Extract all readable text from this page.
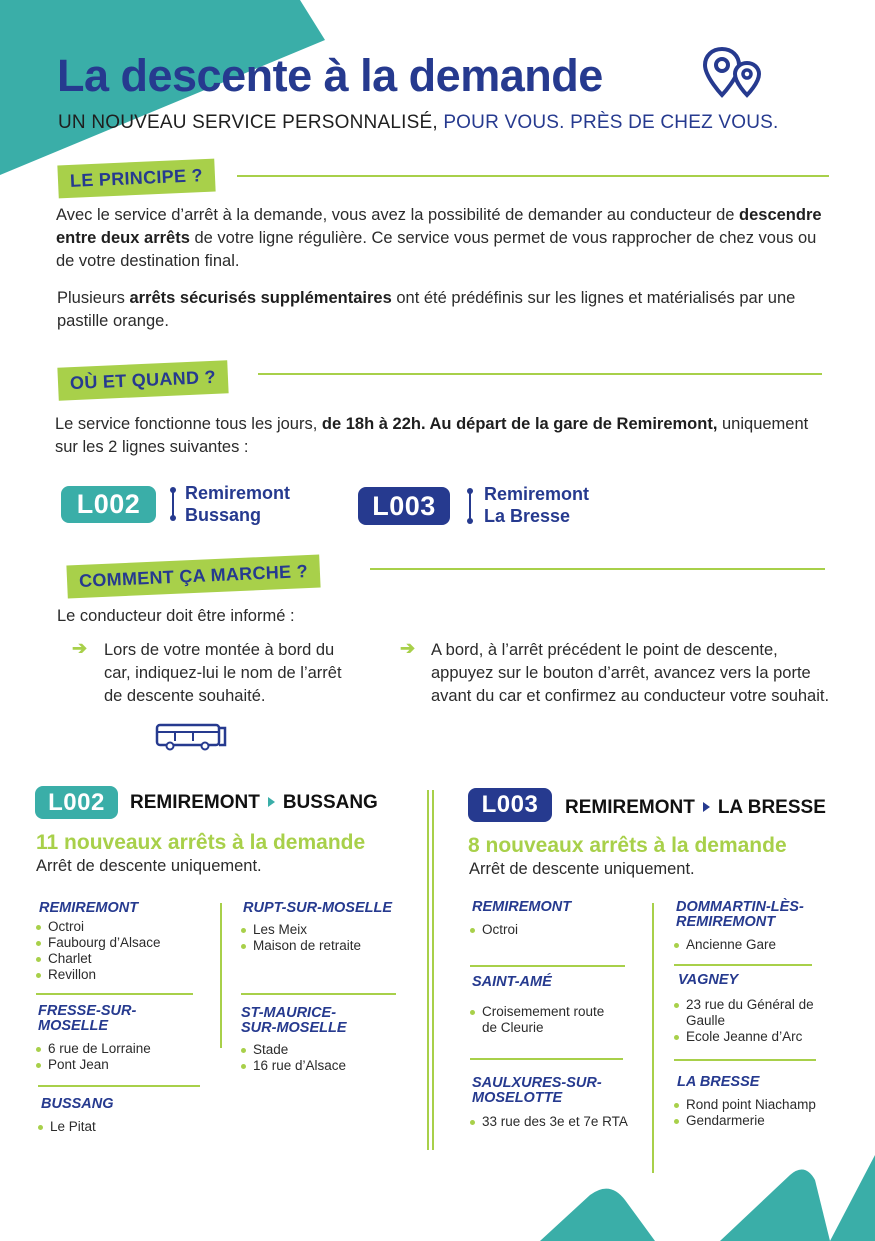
La descente à la demande
UN NOUVEAU SERVICE PERSONNALISÉ, POUR VOUS. PRÈS DE CHEZ VOUS.
LE PRINCIPE ?
Avec le service d’arrêt à la demande, vous avez la possibilité de demander au conducteur de descendre entre deux arrêts de votre ligne régulière. Ce service vous permet de vous rapprocher de chez vous ou de votre destination final.
Plusieurs arrêts sécurisés supplémentaires ont été prédéfinis sur les lignes et matérialisés par une pastille orange.
OÙ ET QUAND ?
Le service fonctionne tous les jours, de 18h à 22h. Au départ de la gare de Remiremont, uniquement sur les 2 lignes suivantes :
L002	Remiremont
Bussang	L003	Remiremont
La Bresse
COMMENT ÇA MARCHE ?
Le conducteur doit être informé :
➔ Lors de votre montée à bord du car, indiquez-lui le nom de l’arrêt de descente souhaité.
➔ A bord, à l’arrêt précédent le point de descente, appuyez sur le bouton d’arrêt, avancez vers la porte avant du car et confirmez au conducteur votre souhait.
L002	REMIREMONT BUSSANG
11 nouveaux arrêts à la demande
Arrêt de descente uniquement.
REMIREMONT
Octroi
Faubourg d’Alsace
Charlet
Revillon
FRESSE-SUR-MOSELLE
6 rue de Lorraine
Pont Jean
BUSSANG
Le Pitat
RUPT-SUR-MOSELLE
Les Meix
Maison de retraite
ST-MAURICE-SUR-MOSELLE
Stade
16 rue d’Alsace
L003	REMIREMONT LA BRESSE
8 nouveaux arrêts à la demande
Arrêt de descente uniquement.
REMIREMONT
Octroi
SAINT-AMÉ
Croisemement route de Cleurie
SAULXURES-SUR-MOSELOTTE
33 rue des 3e et 7e RTA
DOMMARTIN-LÈS-REMIREMONT
Ancienne Gare
VAGNEY
23 rue du Général de Gaulle
Ecole Jeanne d’Arc
LA BRESSE
Rond point Niachamp
Gendarmerie
